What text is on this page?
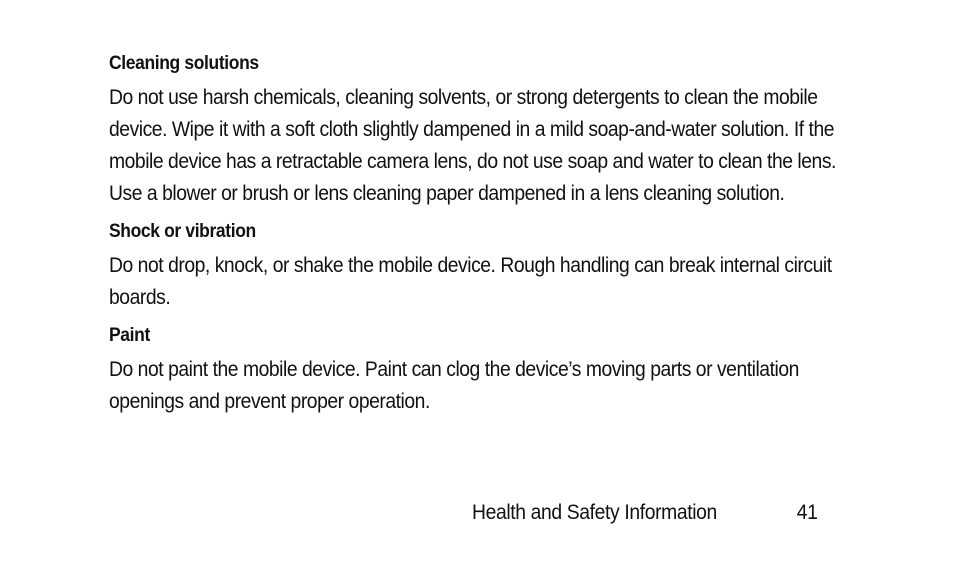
Cleaning solutions
Do not use harsh chemicals, cleaning solvents, or strong detergents to clean the mobile device. Wipe it with a soft cloth slightly dampened in a mild soap-and-water solution. If the mobile device has a retractable camera lens, do not use soap and water to clean the lens. Use a blower or brush or lens cleaning paper dampened in a lens cleaning solution.
Shock or vibration
Do not drop, knock, or shake the mobile device. Rough handling can break internal circuit boards.
Paint
Do not paint the mobile device. Paint can clog the device’s moving parts or ventilation openings and prevent proper operation.
Health and Safety Information	41
